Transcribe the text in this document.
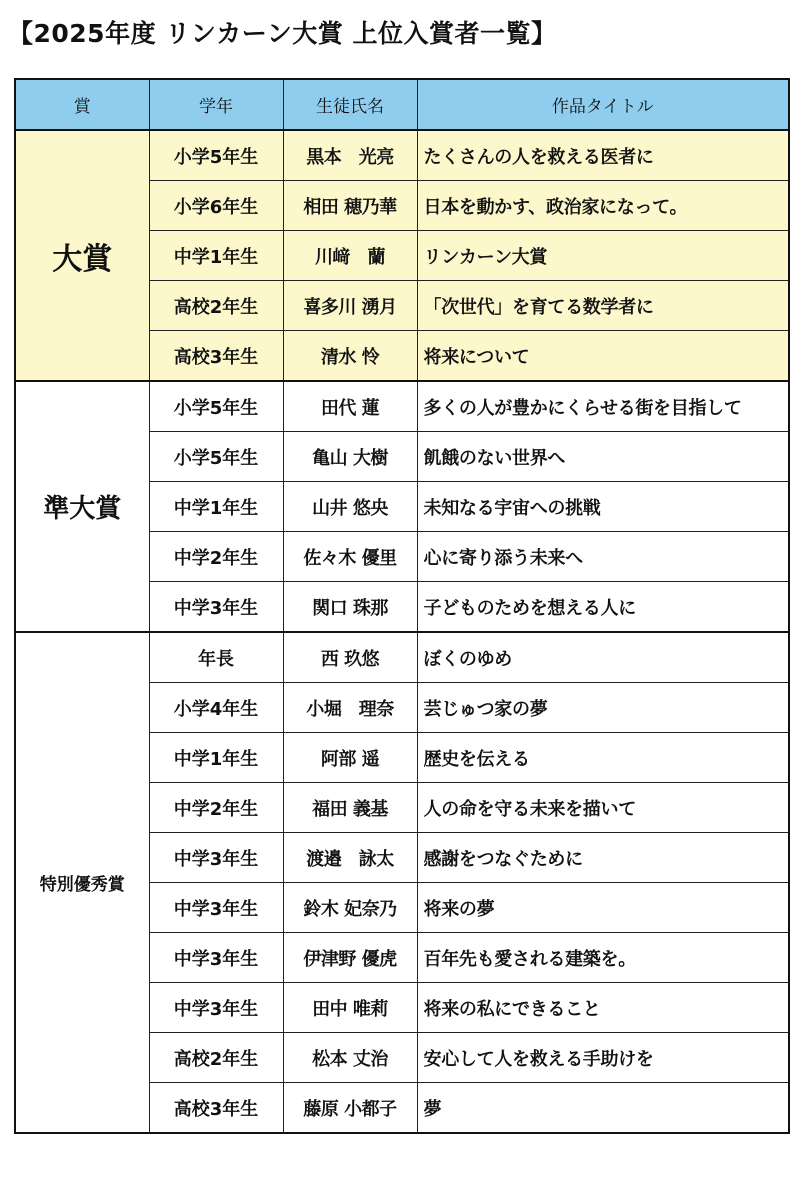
【2025年度 リンカーン大賞 上位入賞者一覧】
賞	学年	生徒氏名	作品タイトル
大賞	小学5年生	黒本　光亮	たくさんの人を救える医者に
	小学6年生	相田 穂乃華	日本を動かす、政治家になって。
	中学1年生	川﨑　蘭	リンカーン大賞
	高校2年生	喜多川 湧月	「次世代」を育てる数学者に
	高校3年生	清水 怜	将来について
準大賞	小学5年生	田代 蓮	多くの人が豊かにくらせる街を目指して
	小学5年生	亀山 大樹	飢餓のない世界へ
	中学1年生	山井 悠央	未知なる宇宙への挑戦
	中学2年生	佐々木 優里	心に寄り添う未来へ
	中学3年生	関口 珠那	子どものためを想える人に
特別優秀賞	年長	西 玖悠	ぼくのゆめ
	小学4年生	小堀　理奈	芸じゅつ家の夢
	中学1年生	阿部 遥	歴史を伝える
	中学2年生	福田 義基	人の命を守る未来を描いて
	中学3年生	渡邉　詠太	感謝をつなぐために
	中学3年生	鈴木 妃奈乃	将来の夢
	中学3年生	伊津野 優虎	百年先も愛される建築を。
	中学3年生	田中 唯莉	将来の私にできること
	高校2年生	松本 丈治	安心して人を救える手助けを
	高校3年生	藤原 小都子	夢
